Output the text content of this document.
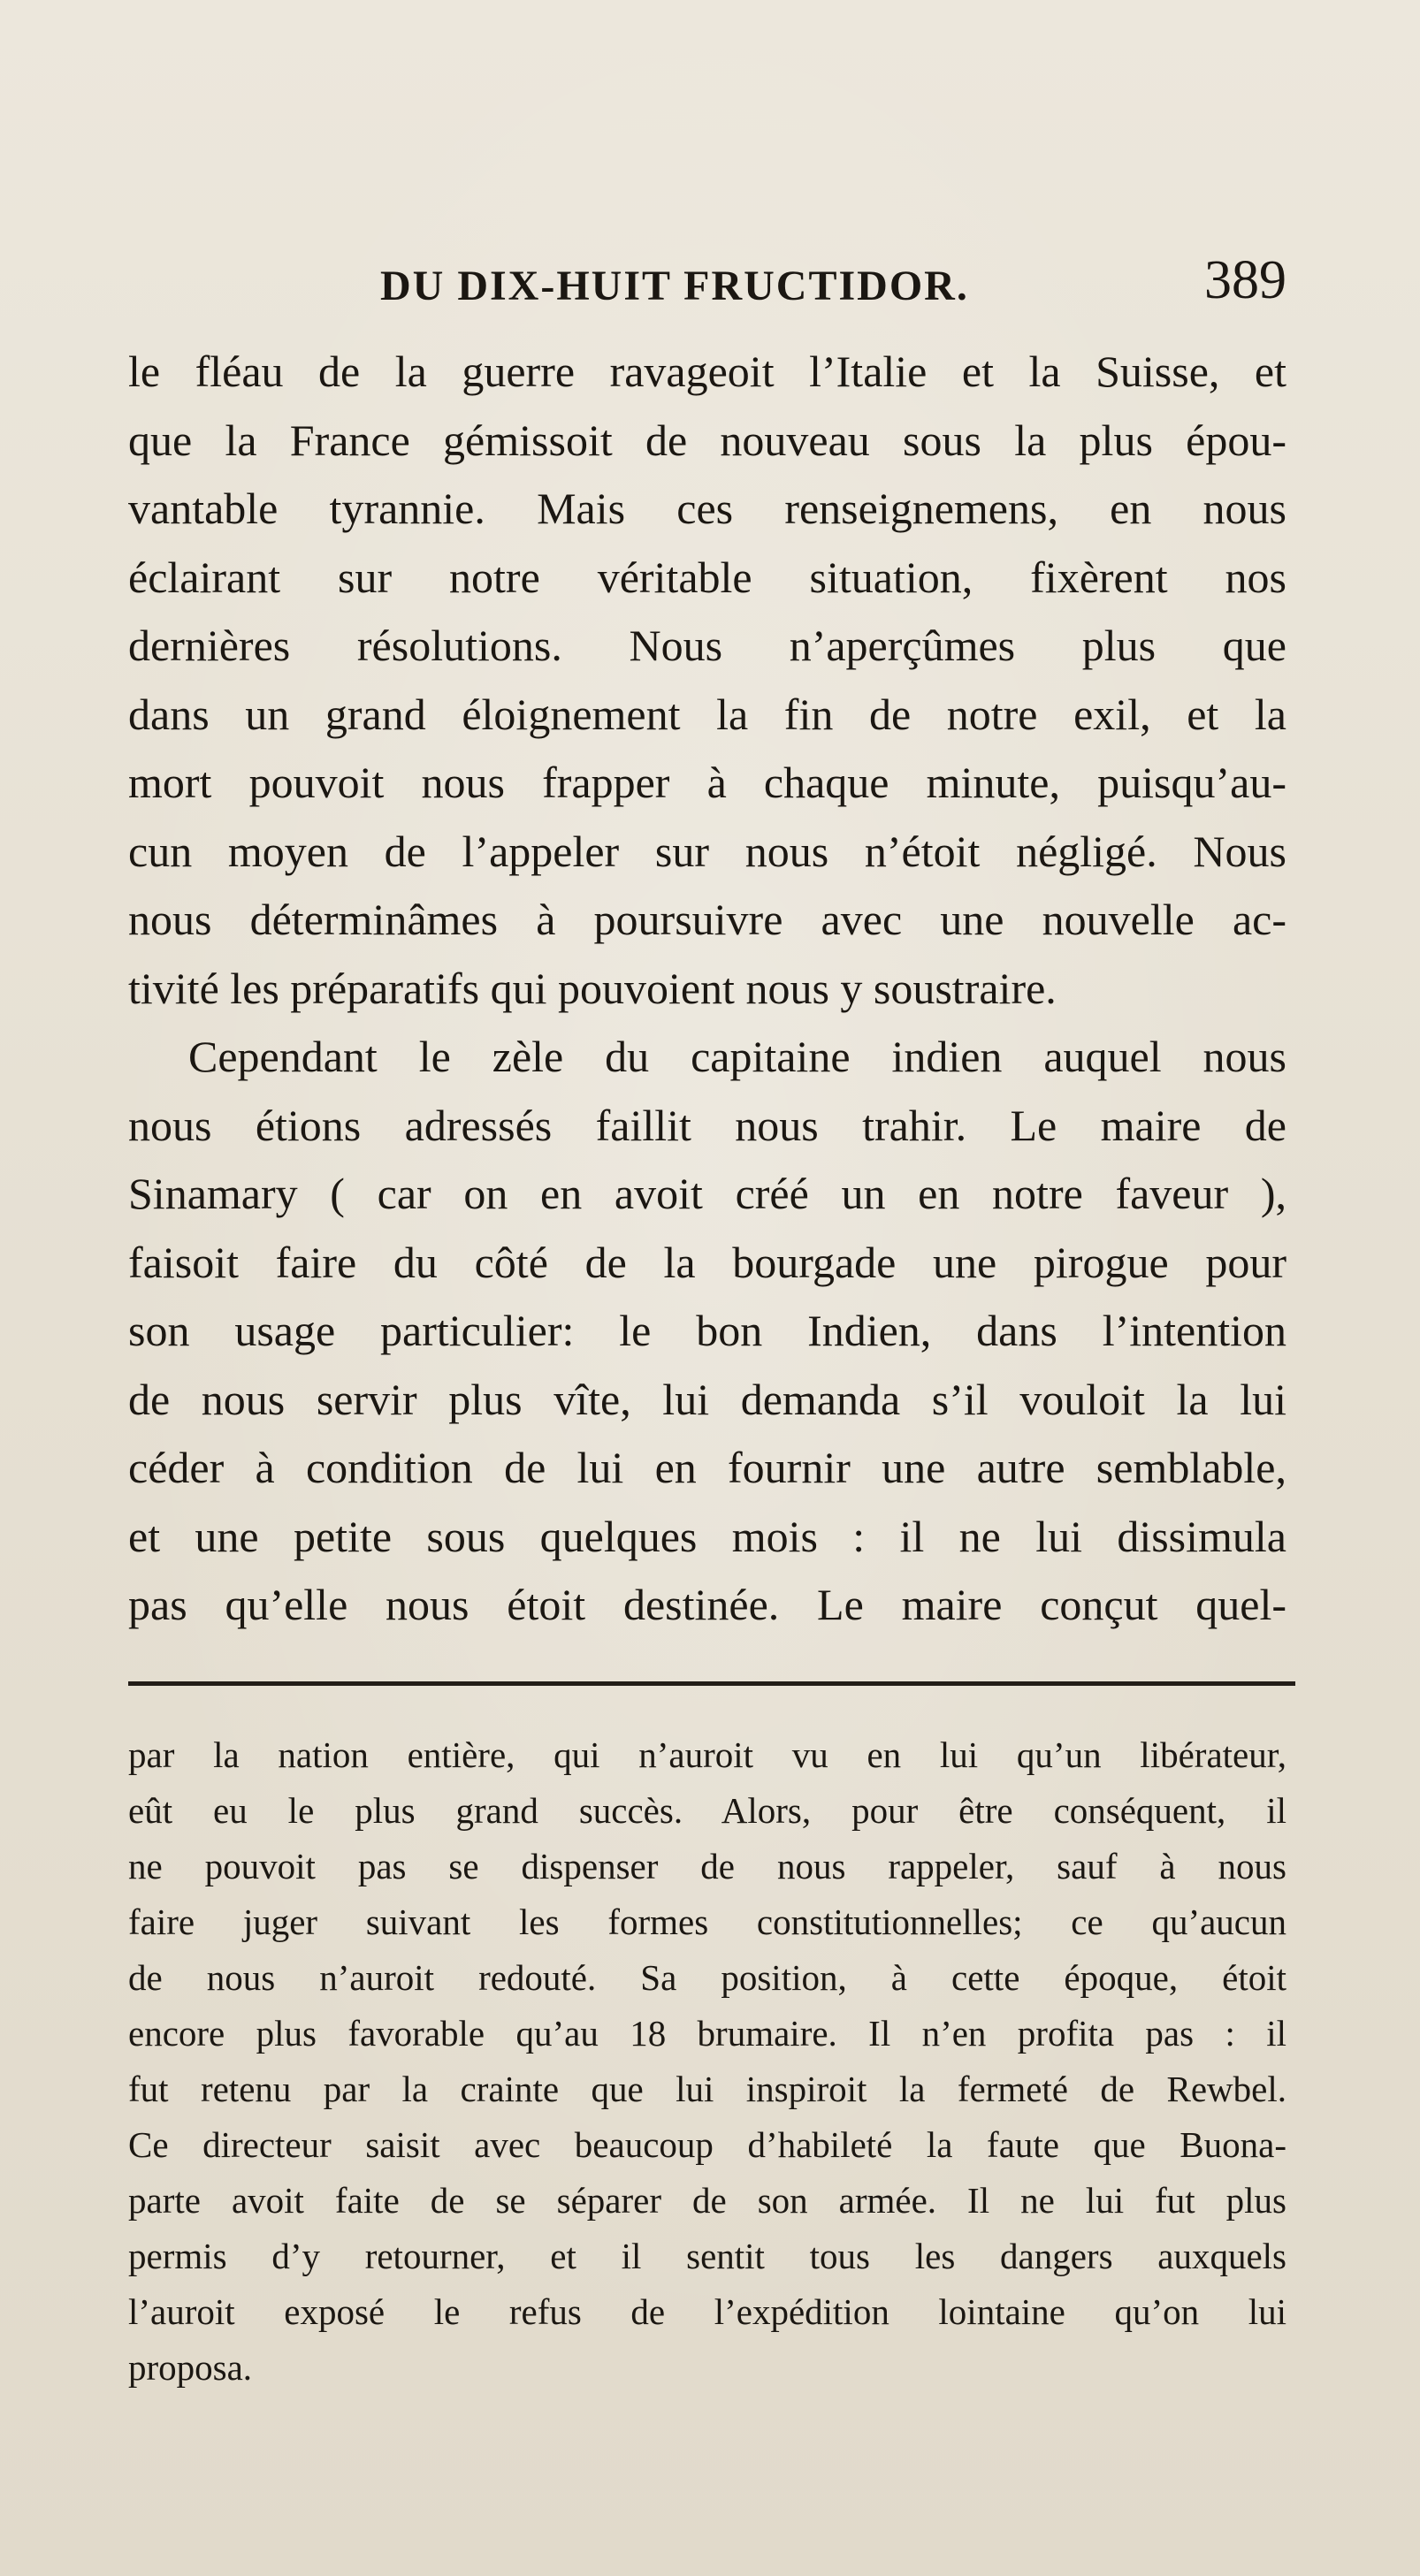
DU DIX-HUIT FRUCTIDOR.	389
le fléau de la guerre ravageoit l’Italie et la Suisse, et
que la France gémissoit de nouveau sous la plus épou-
vantable tyrannie. Mais ces renseignemens, en nous
éclairant sur notre véritable situation, fixèrent nos
dernières résolutions. Nous n’aperçûmes plus que
dans un grand éloignement la fin de notre exil, et la
mort pouvoit nous frapper à chaque minute, puisqu’au-
cun moyen de l’appeler sur nous n’étoit négligé. Nous
nous déterminâmes à poursuivre avec une nouvelle ac-
tivité les préparatifs qui pouvoient nous y soustraire.
Cependant le zèle du capitaine indien auquel nous
nous étions adressés faillit nous trahir. Le maire de
Sinamary ( car on en avoit créé un en notre faveur ),
faisoit faire du côté de la bourgade une pirogue pour
son usage particulier: le bon Indien, dans l’intention
de nous servir plus vîte, lui demanda s’il vouloit la lui
céder à condition de lui en fournir une autre semblable,
et une petite sous quelques mois : il ne lui dissimula
pas qu’elle nous étoit destinée. Le maire conçut quel-
par la nation entière, qui n’auroit vu en lui qu’un libérateur,
eût eu le plus grand succès. Alors, pour être conséquent, il
ne pouvoit pas se dispenser de nous rappeler, sauf à nous
faire juger suivant les formes constitutionnelles; ce qu’aucun
de nous n’auroit redouté. Sa position, à cette époque, étoit
encore plus favorable qu’au 18 brumaire. Il n’en profita pas : il
fut retenu par la crainte que lui inspiroit la fermeté de Rewbel.
Ce directeur saisit avec beaucoup d’habileté la faute que Buona-
parte avoit faite de se séparer de son armée. Il ne lui fut plus
permis d’y retourner, et il sentit tous les dangers auxquels
l’auroit exposé le refus de l’expédition lointaine qu’on lui
proposa.
